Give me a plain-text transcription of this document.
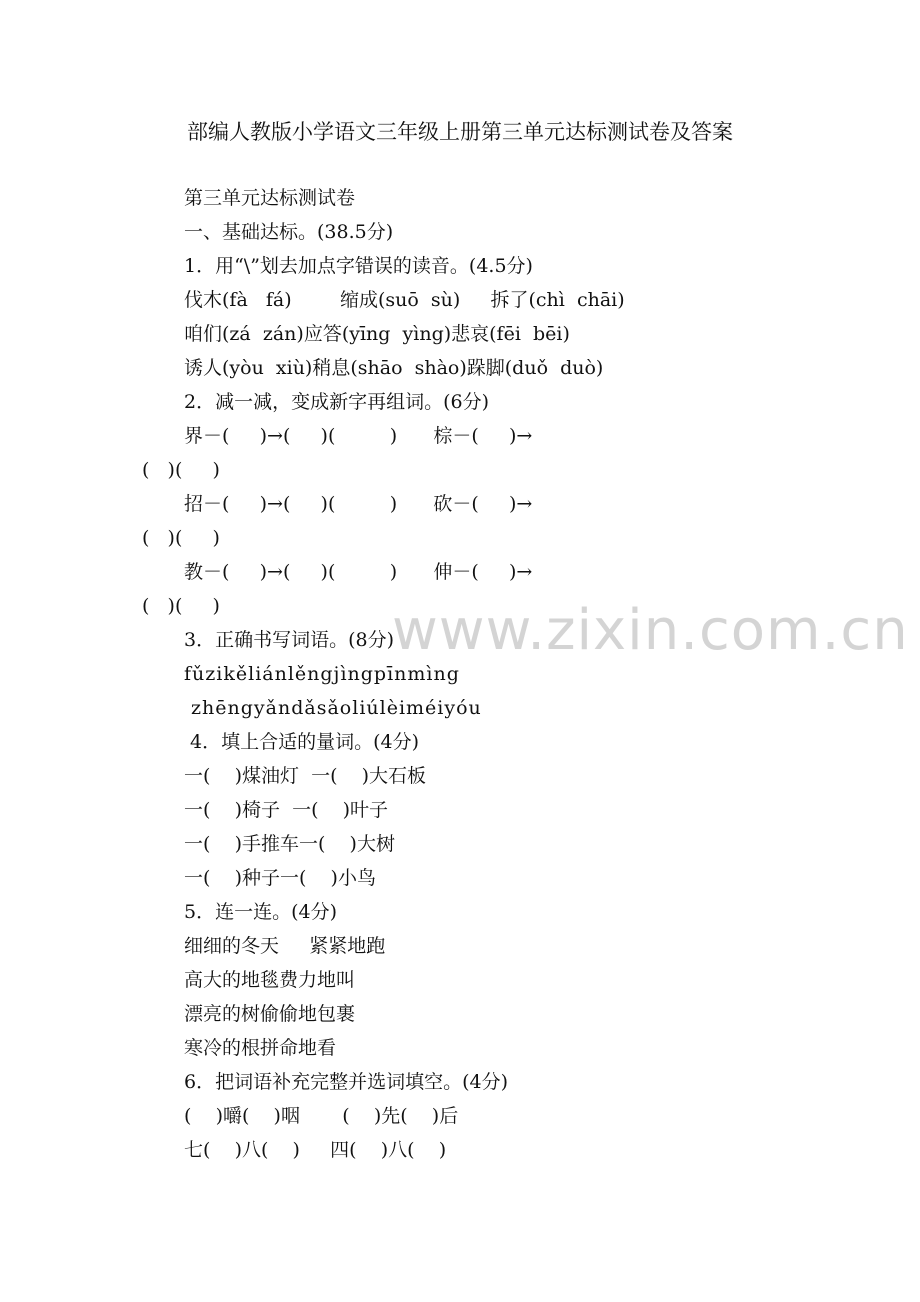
部编人教版小学语文三年级上册第三单元达标测试卷及答案
第三单元达标测试卷
一、基础达标。(38.5分)
1．用“\”划去加点字错误的读音。(4.5分)
伐木(fà   fá)        缩成(suō  sù)     拆了(chì  chāi)
咱们(zá  zán)应答(yīng  yìng)悲哀(fēi  bēi)
诱人(yòu  xiù)稍息(shāo  shào)跺脚(duǒ  duò)
2．减一减，变成新字再组词。(6分)
界－(     )→(     )(         )      棕－(     )→
(   )(     )
招－(     )→(     )(         )      砍－(     )→
(   )(     )
教－(     )→(     )(         )      伸－(     )→
(   )(     )
3．正确书写词语。(8分)
fǔzikěliánlěngjìngpīnmìng
zhēngyǎndǎsǎoliúlèiméiyóu
4．填上合适的量词。(4分)
一(    )煤油灯  一(    )大石板
一(    )椅子  一(    )叶子
一(    )手推车一(    )大树
一(    )种子一(    )小鸟
5．连一连。(4分)
细细的冬天     紧紧地跑
高大的地毯费力地叫
漂亮的树偷偷地包裹
寒冷的根拼命地看
6．把词语补充完整并选词填空。(4分)
(    )嚼(    )咽       (    )先(    )后
七(    )八(    )     四(    )八(    )
www.zixin.com.cn
